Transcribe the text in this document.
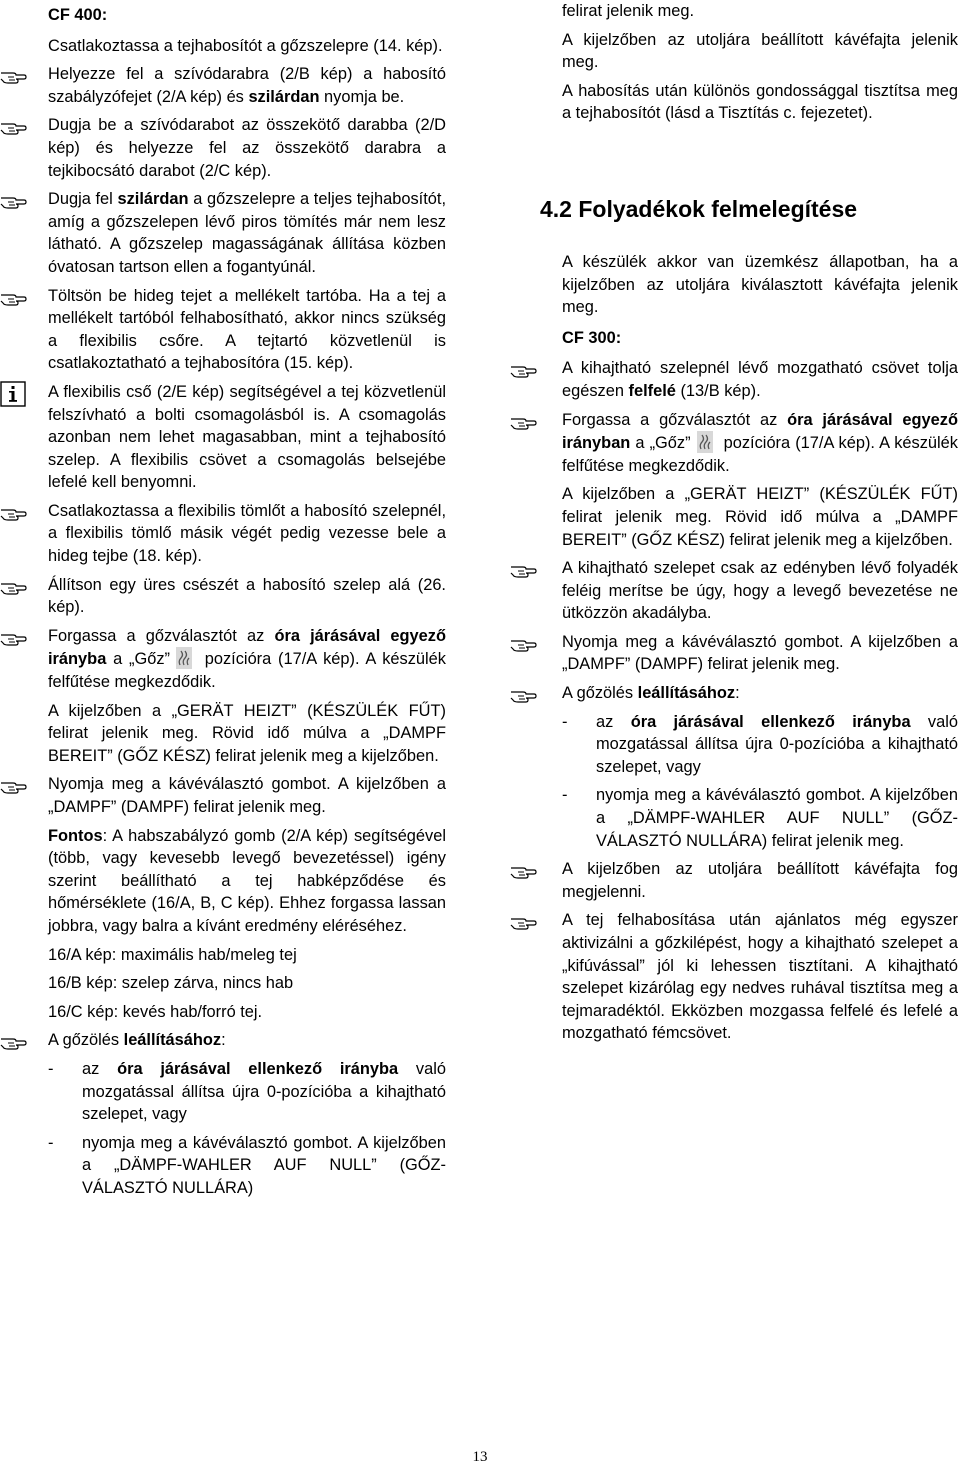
CF 400:
Csatlakoztassa a tejhabosítót a gőzszelepre (14. kép).
Helyezze fel a szívódarabra (2/B kép) a habosító szabályzófejet (2/A kép) és szilárdan nyomja be.
Dugja be a szívódarabot az összekötő darabba (2/D kép) és helyezze fel az összekötő darabra a tejkibocsátó darabot (2/C kép).
Dugja fel szilárdan a gőzszelepre a teljes tejhabosítót, amíg a gőzszelepen lévő piros tömítés már nem lesz látható. A gőzszelep magasságának állítása közben óvatosan tartson ellen a fogantyúnál.
Töltsön be hideg tejet a mellékelt tartóba. Ha a tej a mellékelt tartóból felhabosítható, akkor nincs szükség a flexibilis csőre. A tejtartó közvetlenül is csatlakoztatható a tejhabosítóra (15. kép).
A flexibilis cső (2/E kép) segítségével a tej közvetlenül felszívható a bolti csomagolásból is. A csomagolás azonban nem lehet magasabban, mint a tejhabosító szelep. A flexibilis csövet a csomagolás belsejébe lefelé kell benyomni.
Csatlakoztassa a flexibilis tömlőt a habosító szelepnél, a flexibilis tömlő másik végét pedig vezesse bele a hideg tejbe (18. kép).
Állítson egy üres csészét a habosító szelep alá (26. kép).
Forgassa a gőzválasztót az óra járásával egyező irányba a „Gőz” pozícióra (17/A kép). A készülék felfűtése megkezdődik.
A kijelzőben a „GERÄT HEIZT” (KÉSZÜLÉK FŰT) felirat jelenik meg. Rövid idő múlva a „DAMPF BEREIT” (GŐZ KÉSZ) felirat jelenik meg a kijelzőben.
Nyomja meg a kávéválasztó gombot. A kijelzőben a „DAMPF” (DAMPF) felirat jelenik meg.
Fontos: A habszabályzó gomb (2/A kép) segítségével (több, vagy kevesebb levegő bevezetéssel) igény szerint beállítható a tej habképződése és hőmérséklete (16/A, B, C kép). Ehhez forgassa lassan jobbra, vagy balra a kívánt eredmény eléréséhez.
16/A kép: maximális hab/meleg tej
16/B kép: szelep zárva, nincs hab
16/C kép: kevés hab/forró tej.
A gőzölés leállításához:
- az óra járásával ellenkező irányba való mozgatással állítsa újra 0-pozícióba a kihajtható szelepet, vagy
- nyomja meg a kávéválasztó gombot. A kijelzőben a „DÄMPF-WAHLER AUF NULL” (GŐZ-VÁLASZTÓ NULLÁRA)
felirat jelenik meg.
A kijelzőben az utoljára beállított kávéfajta jelenik meg.
A habosítás után különös gondossággal tisztítsa meg a tejhabosítót (lásd a Tisztítás c. fejezetet).
4.2 Folyadékok felmelegítése
A készülék akkor van üzemkész állapotban, ha a kijelzőben az utoljára kiválasztott kávéfajta jelenik meg.
CF 300:
A kihajtható szelepnél lévő mozgatható csövet tolja egészen felfelé (13/B kép).
Forgassa a gőzválasztót az óra járásával egyező irányban a „Gőz” pozícióra (17/A kép). A készülék felfűtése megkezdődik.
A kijelzőben a „GERÄT HEIZT” (KÉSZÜLÉK FŰT) felirat jelenik meg. Rövid idő múlva a „DAMPF BEREIT” (GŐZ KÉSZ) felirat jelenik meg a kijelzőben.
A kihajtható szelepet csak az edényben lévő folyadék feléig merítse be úgy, hogy a levegő bevezetése ne ütközzön akadályba.
Nyomja meg a kávéválasztó gombot. A kijelzőben a „DAMPF” (DAMPF) felirat jelenik meg.
A gőzölés leállításához:
- az óra járásával ellenkező irányba való mozgatással állítsa újra 0-pozícióba a kihajtható szelepet, vagy
- nyomja meg a kávéválasztó gombot. A kijelzőben a „DÄMPF-WAHLER AUF NULL” (GŐZ-VÁLASZTÓ NULLÁRA) felirat jelenik meg.
A kijelzőben az utoljára beállított kávéfajta fog megjelenni.
A tej felhabosítása után ajánlatos még egyszer aktivizálni a gőzkilépést, hogy a kihajtható szelepet a „kifúvással” jól ki lehessen tisztítani. A kihajtható szelepet kizárólag egy nedves ruhával tisztítsa meg a tejmaradéktól. Ekközben mozgassa felfelé és lefelé a mozgatható fémcsövet.
13
